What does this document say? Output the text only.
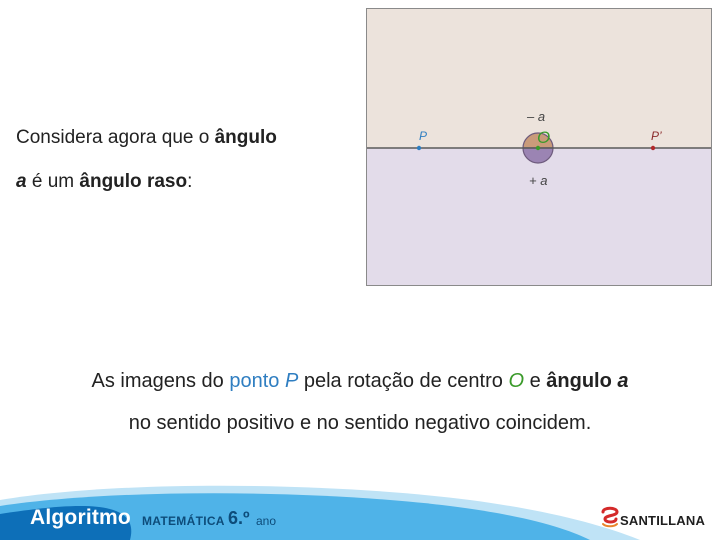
Considera agora que o ângulo
a é um ângulo raso:
P	O	P’
– a
+ a
As imagens do ponto P pela rotação de centro O e ângulo a
no sentido positivo e no sentido negativo coincidem.
Algoritmo MATEMÁTICA 6.º ano	SANTILLANA
